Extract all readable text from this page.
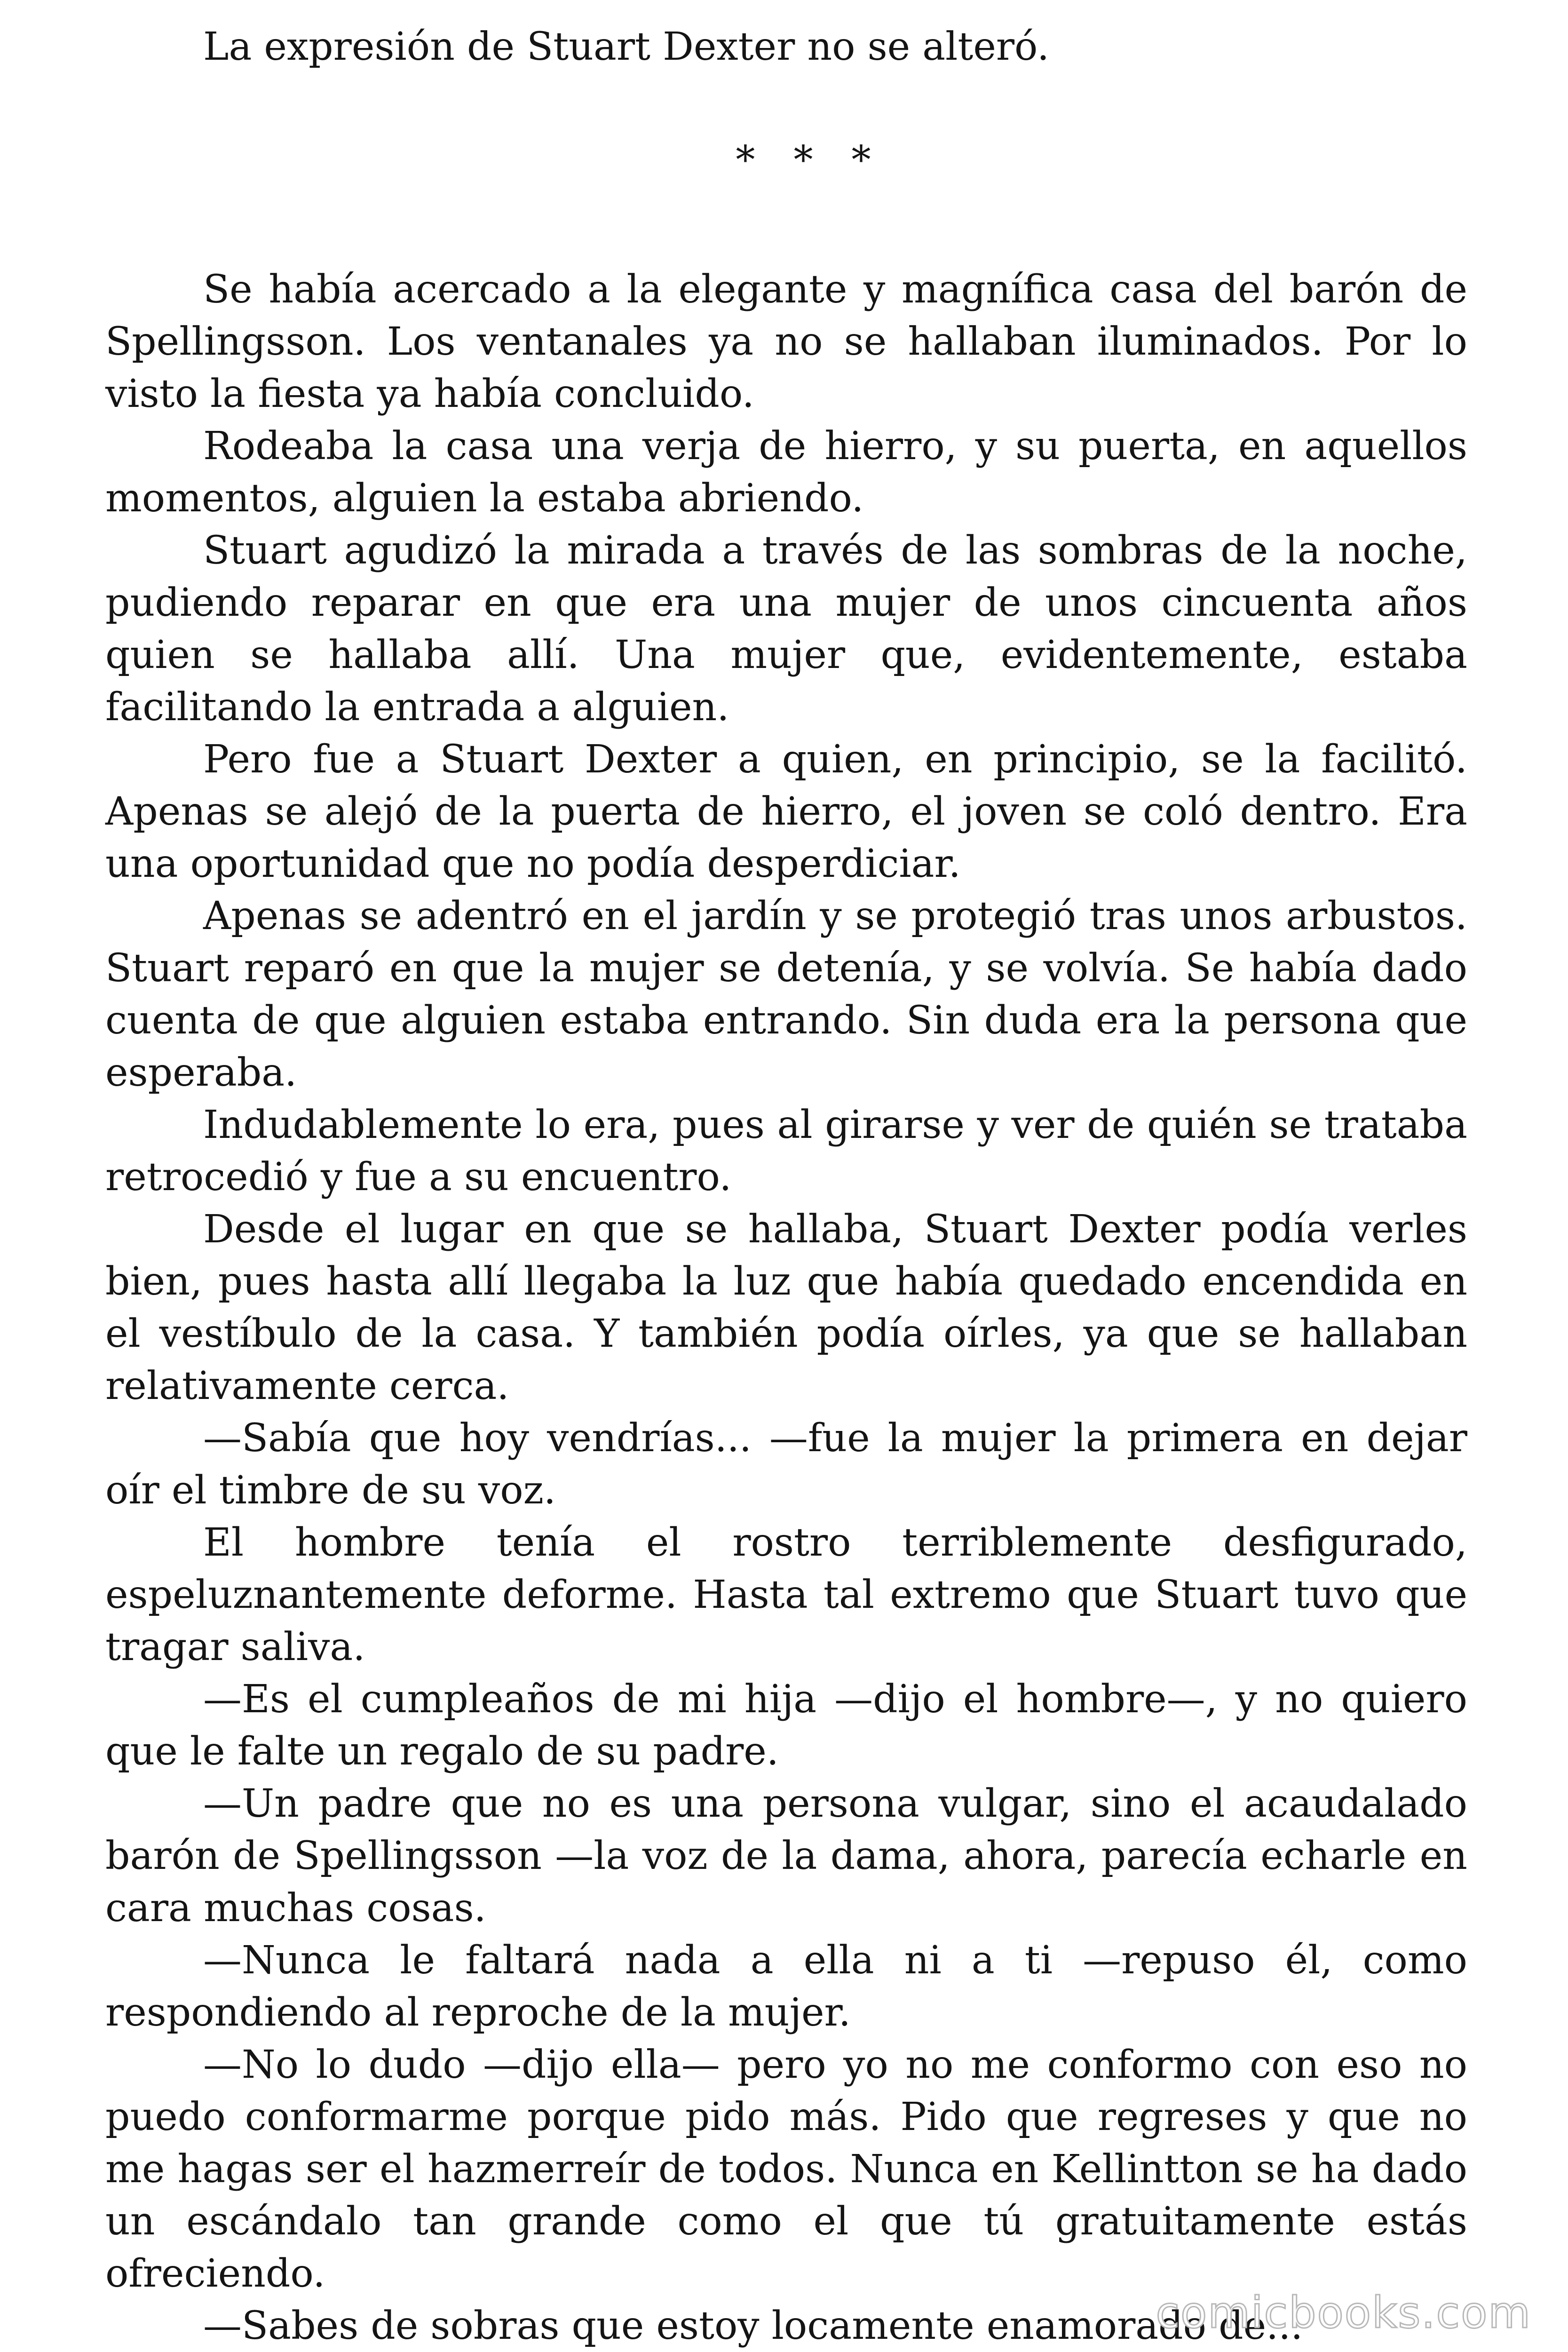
La expresión de Stuart Dexter no se alteró.

* * *

Se había acercado a la elegante y magnífica casa del barón de Spellingsson. Los ventanales ya no se hallaban iluminados. Por lo visto la fiesta ya había concluido.

Rodeaba la casa una verja de hierro, y su puerta, en aquellos momentos, alguien la estaba abriendo.

Stuart agudizó la mirada a través de las sombras de la noche, pudiendo reparar en que era una mujer de unos cincuenta años quien se hallaba allí. Una mujer que, evidentemente, estaba facilitando la entrada a alguien.

Pero fue a Stuart Dexter a quien, en principio, se la facilitó. Apenas se alejó de la puerta de hierro, el joven se coló dentro. Era una oportunidad que no podía desperdiciar.

Apenas se adentró en el jardín y se protegió tras unos arbustos. Stuart reparó en que la mujer se detenía, y se volvía. Se había dado cuenta de que alguien estaba entrando. Sin duda era la persona que esperaba.

Indudablemente lo era, pues al girarse y ver de quién se trataba retrocedió y fue a su encuentro.

Desde el lugar en que se hallaba, Stuart Dexter podía verles bien, pues hasta allí llegaba la luz que había quedado encendida en el vestíbulo de la casa. Y también podía oírles, ya que se hallaban relativamente cerca.

—Sabía que hoy vendrías... —fue la mujer la primera en dejar oír el timbre de su voz.

El hombre tenía el rostro terriblemente desfigurado, espeluznantemente deforme. Hasta tal extremo que Stuart tuvo que tragar saliva.

—Es el cumpleaños de mi hija —dijo el hombre—, y no quiero que le falte un regalo de su padre.

—Un padre que no es una persona vulgar, sino el acaudalado barón de Spellingsson —la voz de la dama, ahora, parecía echarle en cara muchas cosas.

—Nunca le faltará nada a ella ni a ti —repuso él, como respondiendo al reproche de la mujer.

—No lo dudo —dijo ella— pero yo no me conformo con eso no puedo conformarme porque pido más. Pido que regreses y que no me hagas ser el hazmerreír de todos. Nunca en Kellintton se ha dado un escándalo tan grande como el que tú gratuitamente estás ofreciendo.

—Sabes de sobras que estoy locamente enamorado de...

comicbooks.com
